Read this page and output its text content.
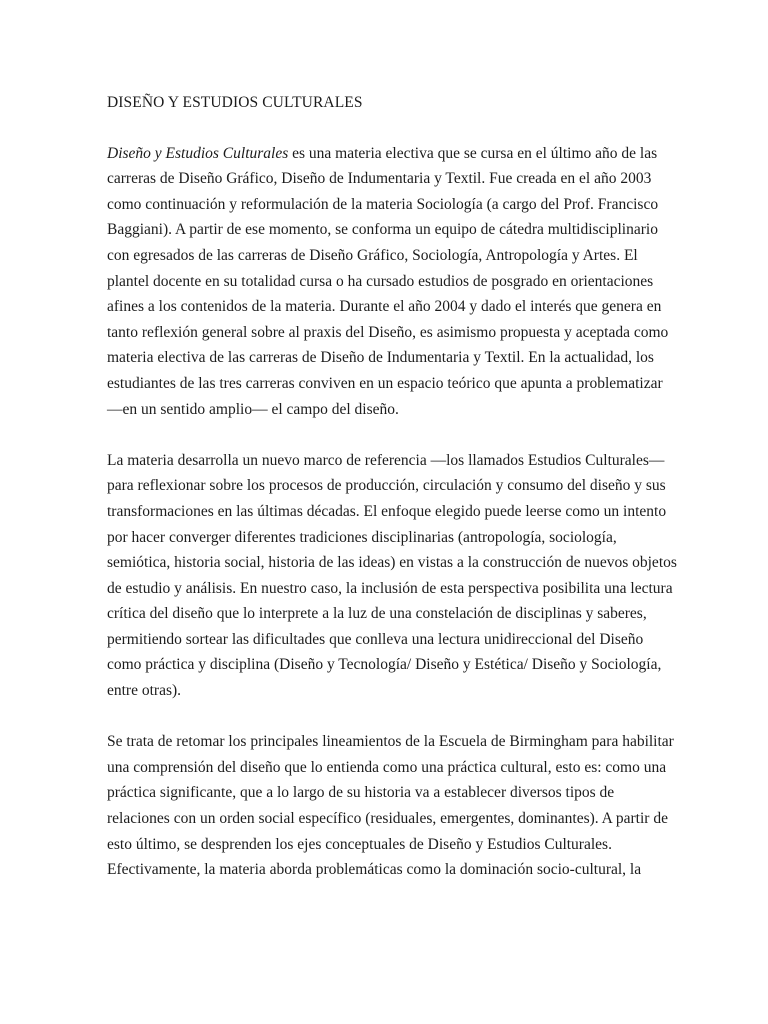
DISEÑO Y ESTUDIOS CULTURALES
Diseño y Estudios Culturales es una materia electiva que se cursa en el último año de las
carreras de Diseño Gráfico, Diseño de Indumentaria y Textil. Fue creada en el año 2003
como continuación y reformulación de la materia Sociología (a cargo del Prof. Francisco
Baggiani). A partir de ese momento, se conforma un equipo de cátedra multidisciplinario
con egresados de las carreras de Diseño Gráfico, Sociología, Antropología y Artes. El
plantel docente en su totalidad cursa o ha cursado estudios de posgrado en orientaciones
afines a los contenidos de la materia. Durante el año 2004 y dado el interés que genera en
tanto reflexión general sobre al praxis del Diseño, es asimismo propuesta y aceptada como
materia electiva de las carreras de Diseño de Indumentaria y Textil. En la actualidad, los
estudiantes de las tres carreras conviven en un espacio teórico que apunta a problematizar
—en un sentido amplio— el campo del diseño.
La materia desarrolla un nuevo marco de referencia —los llamados Estudios Culturales—
para reflexionar sobre los procesos de producción, circulación y consumo del diseño y sus
transformaciones en las últimas décadas. El enfoque elegido puede leerse como un intento
por hacer converger diferentes tradiciones disciplinarias (antropología, sociología,
semiótica, historia social, historia de las ideas) en vistas a la construcción de nuevos objetos
de estudio y análisis. En nuestro caso, la inclusión de esta perspectiva posibilita una lectura
crítica del diseño que lo interprete a la luz de una constelación de disciplinas y saberes,
permitiendo sortear las dificultades que conlleva una lectura unidireccional del Diseño
como práctica y disciplina (Diseño y Tecnología/ Diseño y Estética/ Diseño y Sociología,
entre otras).
Se trata de retomar los principales lineamientos de la Escuela de Birmingham para habilitar
una comprensión del diseño que lo entienda como una práctica cultural, esto es: como una
práctica significante, que a lo largo de su historia va a establecer diversos tipos de
relaciones con un orden social específico (residuales, emergentes, dominantes). A partir de
esto último, se desprenden los ejes conceptuales de Diseño y Estudios Culturales.
Efectivamente, la materia aborda problemáticas como la dominación socio-cultural, la
